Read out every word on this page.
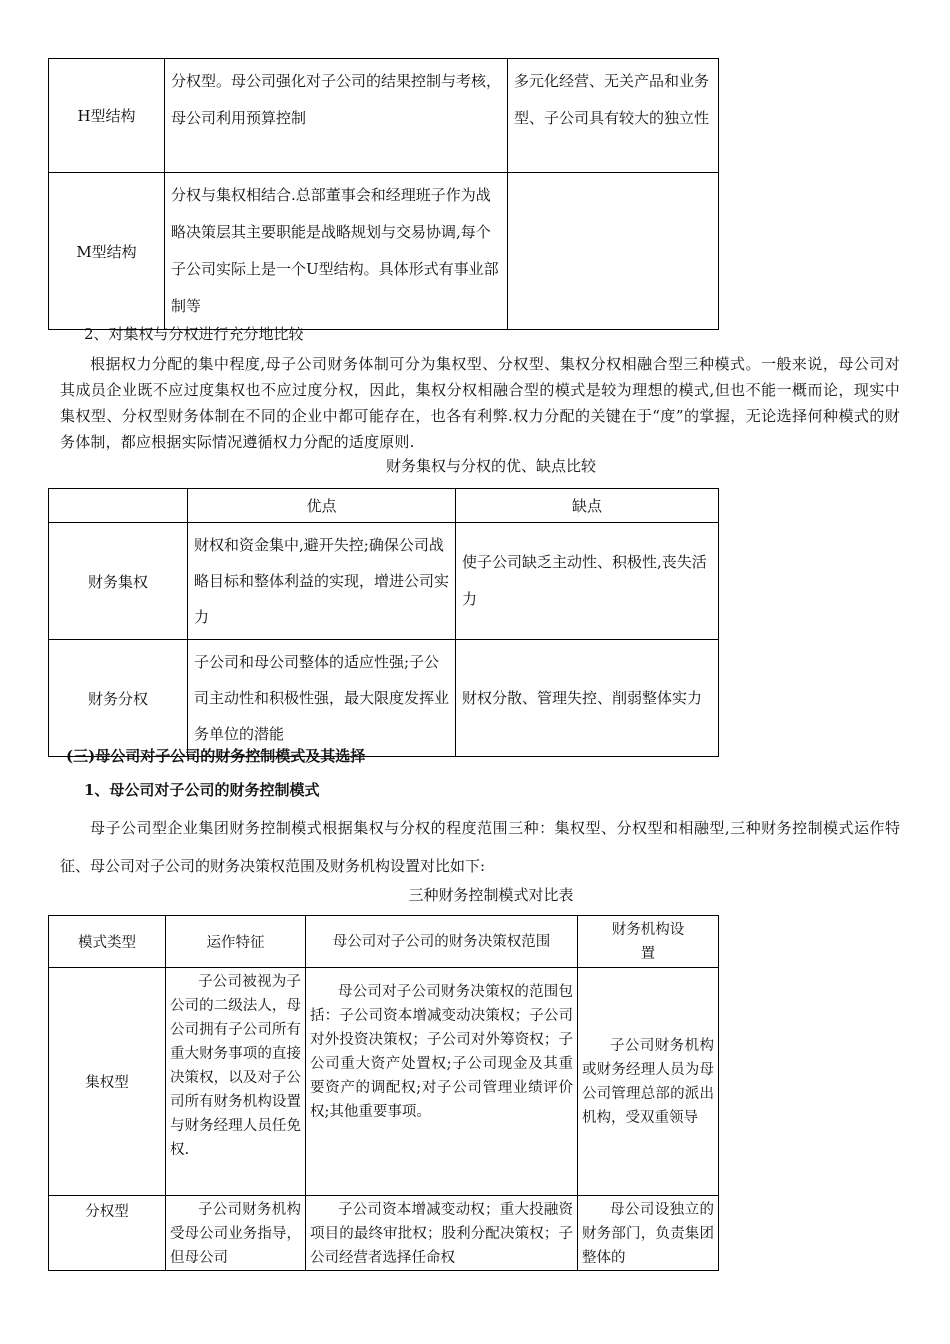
H型结构	分权型。母公司强化对子公司的结果控制与考核，母公司利用预算控制	多元化经营、无关产品和业务型、子公司具有较大的独立性

M型结构	分权与集权相结合.总部董事会和经理班子作为战略决策层其主要职能是战略规划与交易协调,每个子公司实际上是一个U型结构。具体形式有事业部制等	

2、对集权与分权进行充分地比较
根据权力分配的集中程度,母子公司财务体制可分为集权型、分权型、集权分权相融合型三种模式。一般来说，母公司对其成员企业既不应过度集权也不应过度分权，因此，集权分权相融合型的模式是较为理想的模式,但也不能一概而论，现实中集权型、分权型财务体制在不同的企业中都可能存在，也各有利弊.权力分配的关键在于“度”的掌握，无论选择何种模式的财务体制，都应根据实际情况遵循权力分配的适度原则.
财务集权与分权的优、缺点比较
	优点	缺点
财务集权	财权和资金集中,避开失控;确保公司战略目标和整体利益的实现，增进公司实力	使子公司缺乏主动性、积极性,丧失活力

财务分权	子公司和母公司整体的适应性强;子公司主动性和积极性强，最大限度发挥业务单位的潜能	财权分散、管理失控、削弱整体实力
(三)母公司对子公司的财务控制模式及其选择
1、母公司对子公司的财务控制模式
母子公司型企业集团财务控制模式根据集权与分权的程度范围三种：集权型、分权型和相融型,三种财务控制模式运作特征、母公司对子公司的财务决策权范围及财务机构设置对比如下:
三种财务控制模式对比表
模式类型	运作特征	母公司对子公司的财务决策权范围	财务机构设置

集权型	子公司被视为子公司的二级法人，母公司拥有子公司所有重大财务事项的直接决策权，以及对子公司所有财务机构设置与财务经理人员任免权.	母公司对子公司财务决策权的范围包括：子公司资本增减变动决策权；子公司对外投资决策权；子公司对外筹资权；子公司重大资产处置权;子公司现金及其重要资产的调配权;对子公司管理业绩评价权;其他重要事项。	子公司财务机构或财务经理人员为母公司管理总部的派出机构，受双重领导

分权型	子公司财务机构受母公司业务指导，但母公司	子公司资本增减变动权；重大投融资项目的最终审批权；股利分配决策权；子公司经营者选择任命权	母公司设独立的财务部门，负责集团整体的
